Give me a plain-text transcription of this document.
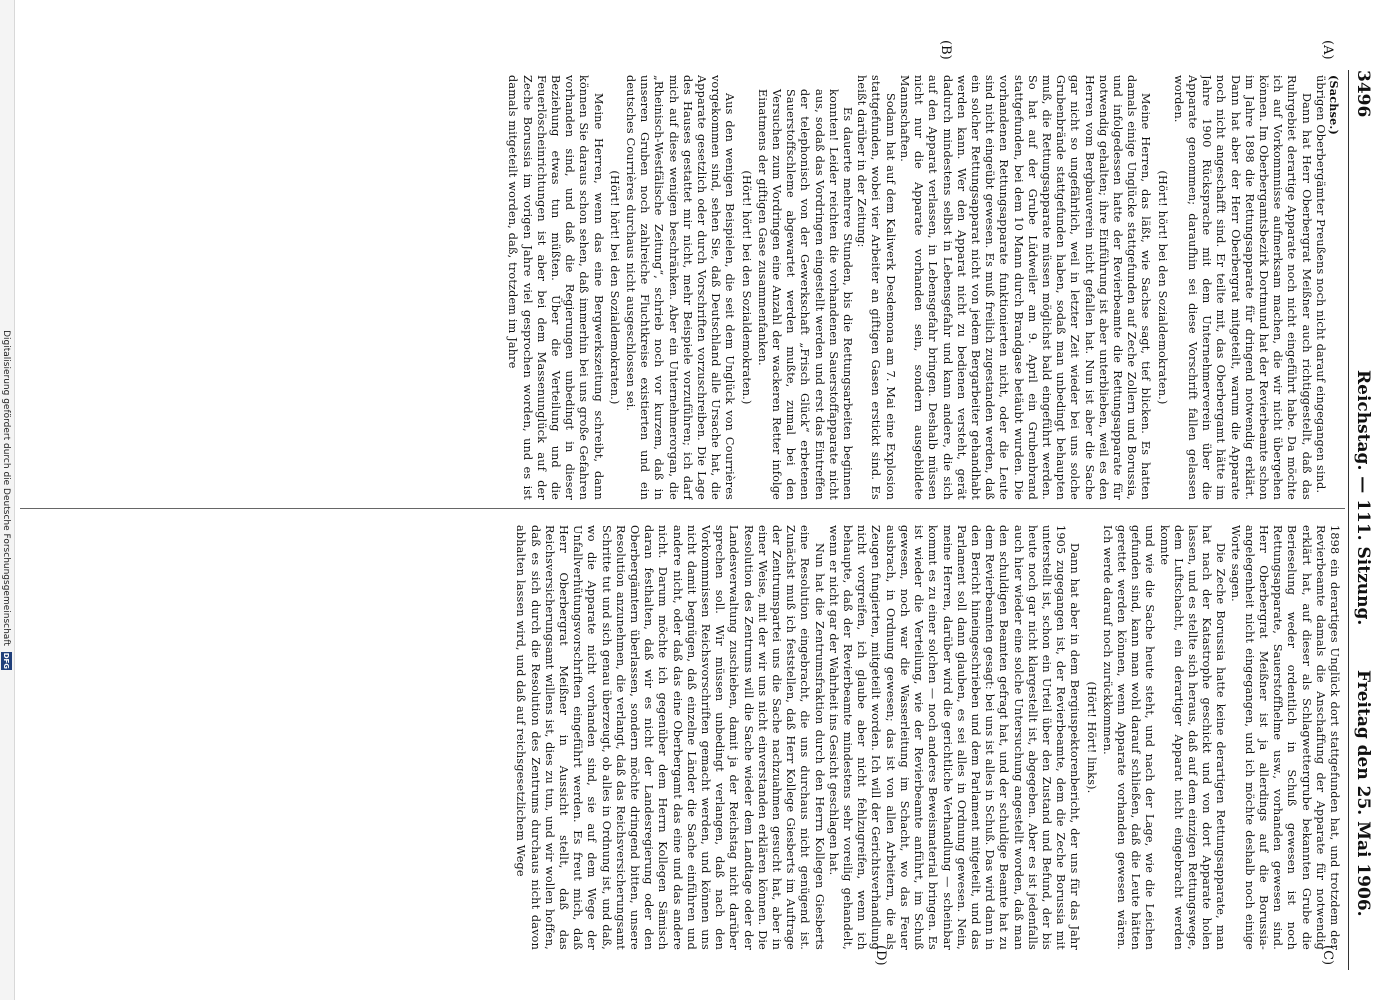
3496
Reichstag. — 111. Sitzung.
Freitag den 25. Mai 1906.
(A)
(B)
(C)
(D)

(Sachse.)

übrigen Oberbergämter Preußens noch nicht darauf eingegangen sind.

Dann hat Herr Oberbergrat Meißner auch richtiggestellt, daß das Ruhrgebiet derartige Apparate noch nicht eingeführt habe. Da möchte ich auf Vorkommnisse aufmerksam machen, die wir nicht übergehen können. Im Oberbergamtsbezirk Dortmund hat der Revierbeamte schon im Jahre 1898 die Rettungsapparate für dringend notwendig erklärt. Dann hat aber der Herr Oberbergrat mitgeteilt, warum die Apparate noch nicht angeschafft sind. Er teilte mit, das Oberbergamt hätte im Jahre 1900 Rücksprache mit dem Unternehmerverein über die Apparate genommen; daraufhin sei diese Vorschrift fallen gelassen worden.

(Hört! hört! bei den Sozialdemokraten.)

Meine Herren, das läßt, wie Sachse sagt, tief blicken. Es hatten damals einige Unglücke stattgefunden auf Zeche Zollern und Borussia, und infolgedessen hatte der Revierbeamte die Rettungsapparate für notwendig gehalten; ihre Einführung ist aber unterblieben, weil es den Herren vom Bergbauverein nicht gefallen hat. Nun ist aber die Sache gar nicht so ungefährlich, weil in letzter Zeit wieder bei uns solche Grubenbrände stattgefunden haben, sodaß man unbedingt behaupten muß, die Rettungsapparate müssen möglichst bald eingeführt werden. So hat auf der Grube Lüdweiler am 9. April ein Grubenbrand stattgefunden, bei dem 10 Mann durch Brandgase betäubt wurden. Die vorhandenen Rettungsapparate funktionierten nicht, oder die Leute sind nicht eingeübt gewesen. Es muß freilich zugestanden werden, daß ein solcher Rettungsapparat nicht von jedem Bergarbeiter gehandhabt werden kann. Wer den Apparat nicht zu bedienen versteht, gerät dadurch mindestens selbst in Lebensgefahr und kann andere, die sich auf den Apparat verlassen, in Lebensgefahr bringen. Deshalb müssen nicht nur die Apparate vorhanden sein, sondern ausgebildete Mannschaften.

Sodann hat auf dem Kaliwerk Desdemona am 7. Mai eine Explosion stattgefunden, wobei vier Arbeiter an giftigen Gasen erstickt sind. Es heißt darüber in der Zeitung:

Es dauerte mehrere Stunden, bis die Rettungsarbeiten beginnen konnten! Leider reichten die vorhandenen Sauerstoffapparate nicht aus, sodaß das Vordringen eingestellt werden und erst das Eintreffen der telephonisch von der Gewerkschaft „Frisch Glück“ erbetenen Sauerstoffschleme abgewartet werden mußte, zumal bei den Versuchen zum Vordringen eine Anzahl der wackeren Retter infolge Einatmens der giftigen Gase zusammenfanken.

(Hört! hört! bei den Sozialdemokraten.)

Aus den wenigen Beispielen, die seit dem Unglück von Courrières vorgekommen sind, sehen Sie, daß Deutschland alle Ursache hat, die Apparate gesetzlich oder durch Vorschriften vorzuschreiben. Die Lage des Hauses gestattet mir nicht, mehr Beispiele vorzuführen; ich darf mich auf diese wenigen beschränken. Aber ein Unternehmerorgan, die „Rheinisch-Westfälische Zeitung“, schrieb noch vor kurzem, daß in unseren Gruben noch zahlreiche Fluchtkreise existierten und ein deutsches Courrières durchaus nicht ausgeschlossen sei.

(Hört! hört! bei den Sozialdemokraten.)

Meine Herren, wenn das eine Bergwerkszeitung schreibt, dann können Sie daraus schon sehen, daß immerhin bei uns große Gefahren vorhanden sind, und daß die Regierungen unbedingt in dieser Beziehung etwas tun müßten. Über die Verteilung und die Feuerlöscheinrichtungen ist aber bei dem Massenunglück auf der Zeche Borussia im vorigen Jahre viel gesprochen worden, und es ist damals mitgeteilt worden, daß, trotzdem im Jahre

1898 ein derartiges Unglück dort stattgefunden hat, und trotzdem der Revierbeamte damals die Anschaffung der Apparate für notwendig erklärt hat, auf dieser als Schlagwettergrube bekannten Grube die Berieselung weder ordentlich in Schuß gewesen ist noch Rettungsapparate, Sauerstoffhelme usw., vorhanden gewesen sind. Herr Oberbergrat Meißner ist ja allerdings auf die Borussia-angelegenheit nicht eingegangen, und ich möchte deshalb noch einige Worte sagen.

Die Zeche Borussia hatte keine derartigen Rettungsapparate, man hat nach der Katastrophe geschickt und von dort Apparate holen lassen, und es stellte sich heraus, daß auf dem einzigen Rettungswege, dem Luftschacht, ein derartiger Apparat nicht eingebracht werden konnte

und wie die Sache heute steht, und nach der Lage, wie die Leichen gefunden sind, kann man wohl darauf schließen, daß die Leute hätten gerettet werden können, wenn Apparate vorhanden gewesen wären. Ich werde darauf noch zurückkommen.

(Hört! Hört! links).

Dann hat aber in dem Bergiuspektorenbericht, der uns für das Jahr 1905 zugegangen ist, der Revierbeamte, dem die Zeche Borussia mit unterstellt ist, schon ein Urteil über den Zustand und Befund, der bis heute noch gar nicht klargestellt ist, abgegeben. Aber es ist jedenfalls auch hier wieder eine solche Untersuchung angestellt worden, daß man den schuldigen Beamten gefragt hat, und der schuldige Beamte hat zu dem Revierbeamten gesagt: bei uns ist alles in Schuß. Das wird dann in den Bericht hineingeschrieben und dem Parlament mitgeteilt, und das Parlament soll dann glauben, es sei alles in Ordnung gewesen. Nein, meine Herren, darüber wird die gerichtliche Verhandlung — scheinbar kommt es zu einer solchen — noch anderes Beweismaterial bringen. Es ist wieder die Verteilung, wie der Revierbeamte anführt, im Schuß gewesen, noch war die Wasserleitung im Schacht, wo das Feuer ausbrach, in Ordnung gewesen; das ist von allen Arbeitern, die als Zeugen fungierten, mitgeteilt worden. Ich will der Gerichtsverhandlung nicht vorgreifen, ich glaube aber nicht fehlzugreifen, wenn ich behaupte, daß der Revierbeamte mindestens sehr voreilig gehandelt, wenn er nicht gar der Wahrheit ins Gesicht geschlagen hat.

Nun hat die Zentrumsfraktion durch den Herrn Kollegen Giesberts eine Resolution eingebracht, die uns durchaus nicht genügend ist. Zunächst muß ich feststellen, daß Herr Kollege Giesberts im Auftrage der Zentrumspartei uns die Sache nachzuahmen gesucht hat, aber in einer Weise, mit der wir uns nicht einverstanden erklären können. Die Resolution des Zentrums will die Sache wieder dem Landtage oder der Landesverwaltung zuschieben, damit ja der Reichstag nicht darüber sprechen soll. Wir müssen unbedingt verlangen, daß nach den Vorkommnissen Reichsvorschriften gemacht werden, und können uns nicht damit begnügen, daß einzelne Länder die Sache einführen und andere nicht, oder daß das eine Oberbergamt das eine und das andere nicht. Darum möchte ich gegenüber dem Herrn Kollegen Sämisch daran festhalten, daß wir es nicht der Landesregierung oder den Oberbergämtern überlassen, sondern möchte dringend bitten, unsere Resolution anzunehmen, die verlangt, daß das Reichsversicherungsamt Schritte tut und sich genau überzeugt, ob alles in Ordnung ist, und daß, wo die Apparate nicht vorhanden sind, sie auf dem Wege der Unfallverhütungsvorschriften eingeführt werden. Es freut mich, daß Herr Oberbergrat Meißner in Aussicht stellt, daß das Reichsversicherungsamt willens ist, dies zu tun, und wir wollen hoffen, daß es sich durch die Resolution des Zentrums durchaus nicht davon abhalten lassen wird, und daß auf reichsgesetzlichem Wege

Digitalisierung gefördert durch die Deutsche Forschungsgemeinschaft
DFG
